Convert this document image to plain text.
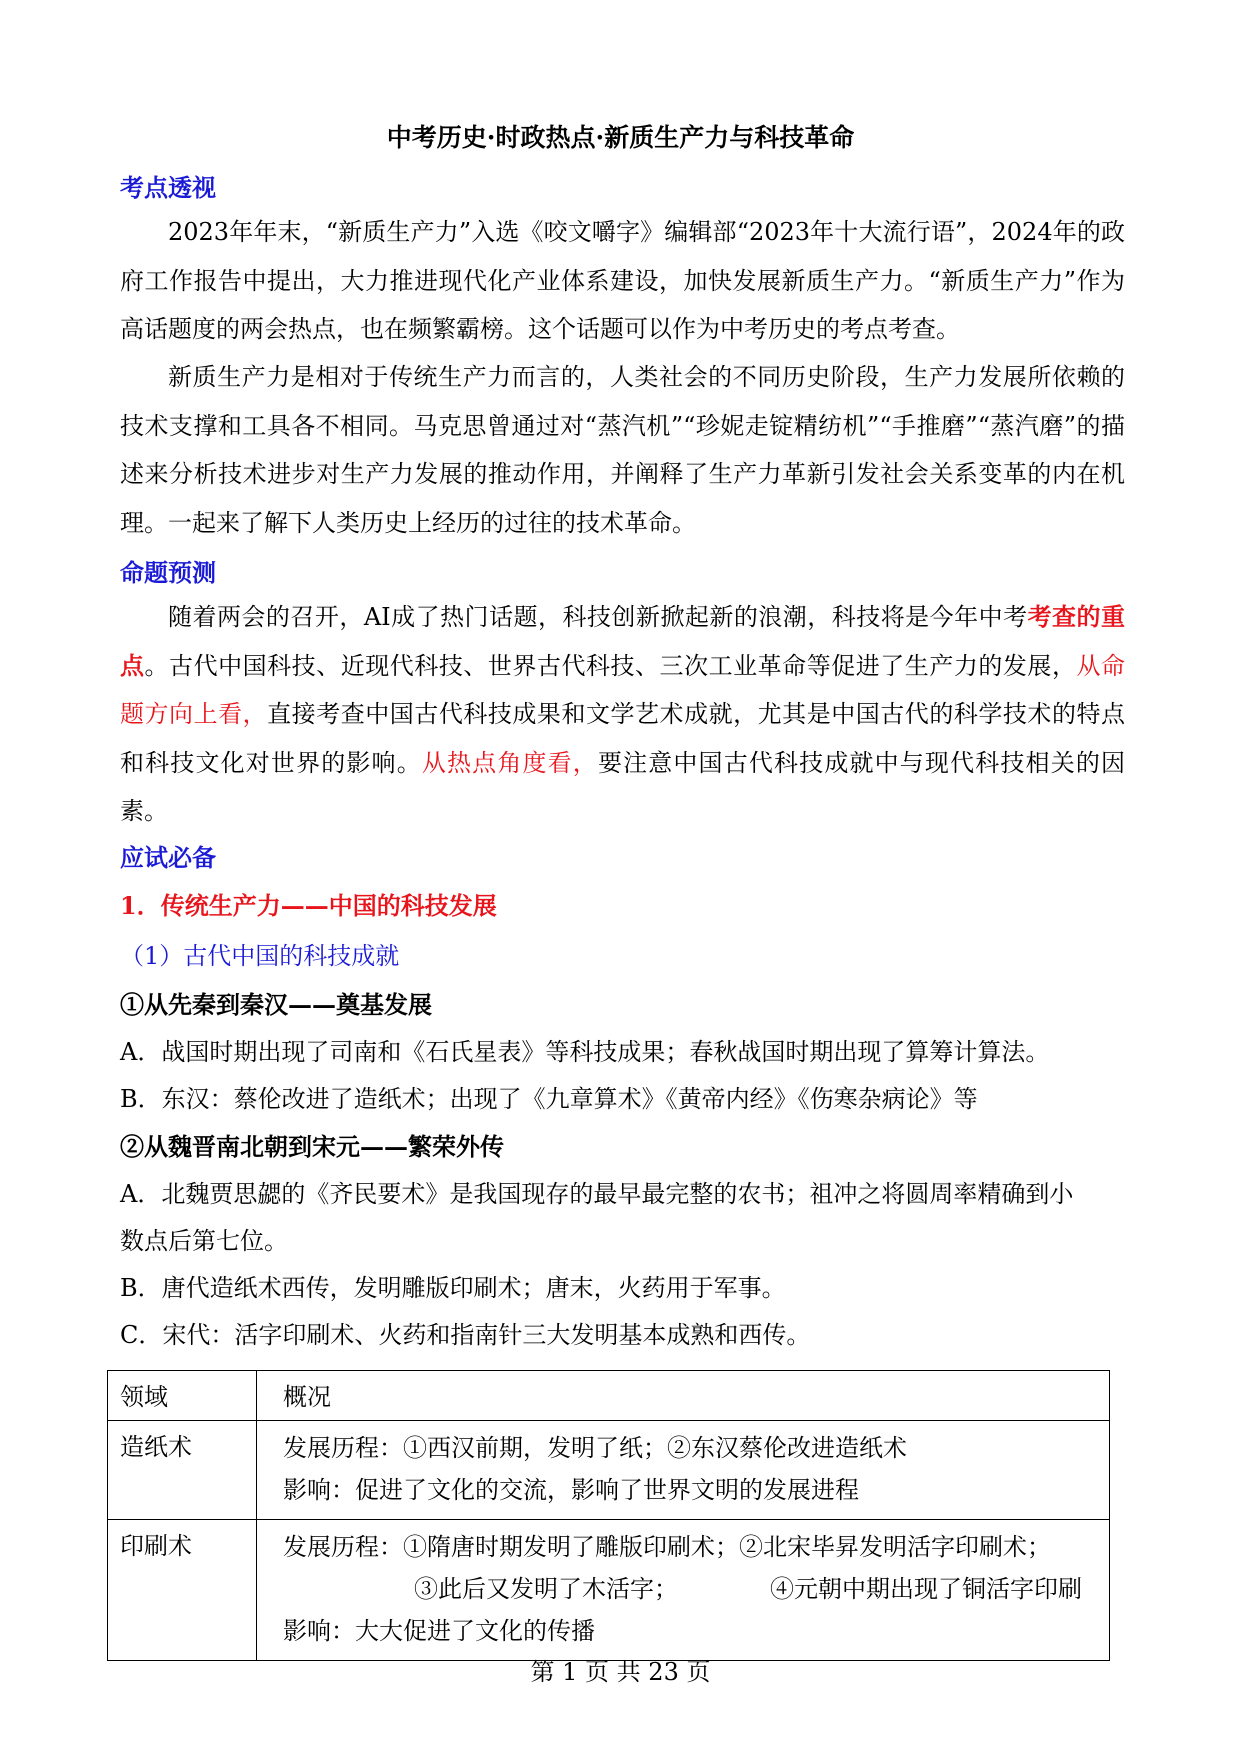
中考历史·时政热点·新质生产力与科技革命
考点透视
2023年年末，“新质生产力”入选《咬文嚼字》编辑部“2023年十大流行语”，2024年的政府工作报告中提出，大力推进现代化产业体系建设，加快发展新质生产力。“新质生产力”作为高话题度的两会热点，也在频繁霸榜。这个话题可以作为中考历史的考点考查。
新质生产力是相对于传统生产力而言的，人类社会的不同历史阶段，生产力发展所依赖的技术支撑和工具各不相同。马克思曾通过对“蒸汽机”“珍妮走锭精纺机”“手推磨”“蒸汽磨”的描述来分析技术进步对生产力发展的推动作用，并阐释了生产力革新引发社会关系变革的内在机理。一起来了解下人类历史上经历的过往的技术革命。
命题预测
随着两会的召开，AI成了热门话题，科技创新掀起新的浪潮，科技将是今年中考考查的重点。古代中国科技、近现代科技、世界古代科技、三次工业革命等促进了生产力的发展，从命题方向上看，直接考查中国古代科技成果和文学艺术成就，尤其是中国古代的科学技术的特点和科技文化对世界的影响。从热点角度看，要注意中国古代科技成就中与现代科技相关的因素。
应试必备
1．传统生产力——中国的科技发展
（1）古代中国的科技成就
①从先秦到秦汉——奠基发展
A．战国时期出现了司南和《石氏星表》等科技成果；春秋战国时期出现了算筹计算法。
B．东汉：蔡伦改进了造纸术；出现了《九章算术》《黄帝内经》《伤寒杂病论》等
②从魏晋南北朝到宋元——繁荣外传
A．北魏贾思勰的《齐民要术》是我国现存的最早最完整的农书；祖冲之将圆周率精确到小
数点后第七位。
B．唐代造纸术西传，发明雕版印刷术；唐末，火药用于军事。
C．宋代：活字印刷术、火药和指南针三大发明基本成熟和西传。
领域	概况
造纸术	发展历程：①西汉前期，发明了纸；②东汉蔡伦改进造纸术
影响：促进了文化的交流，影响了世界文明的发展进程

印刷术	发展历程：①隋唐时期发明了雕版印刷术；②北宋毕昇发明活字印刷术；
③此后又发明了木活字； ④元朝中期出现了铜活字印刷
影响：大大促进了文化的传播
第 1 页 共 23 页
